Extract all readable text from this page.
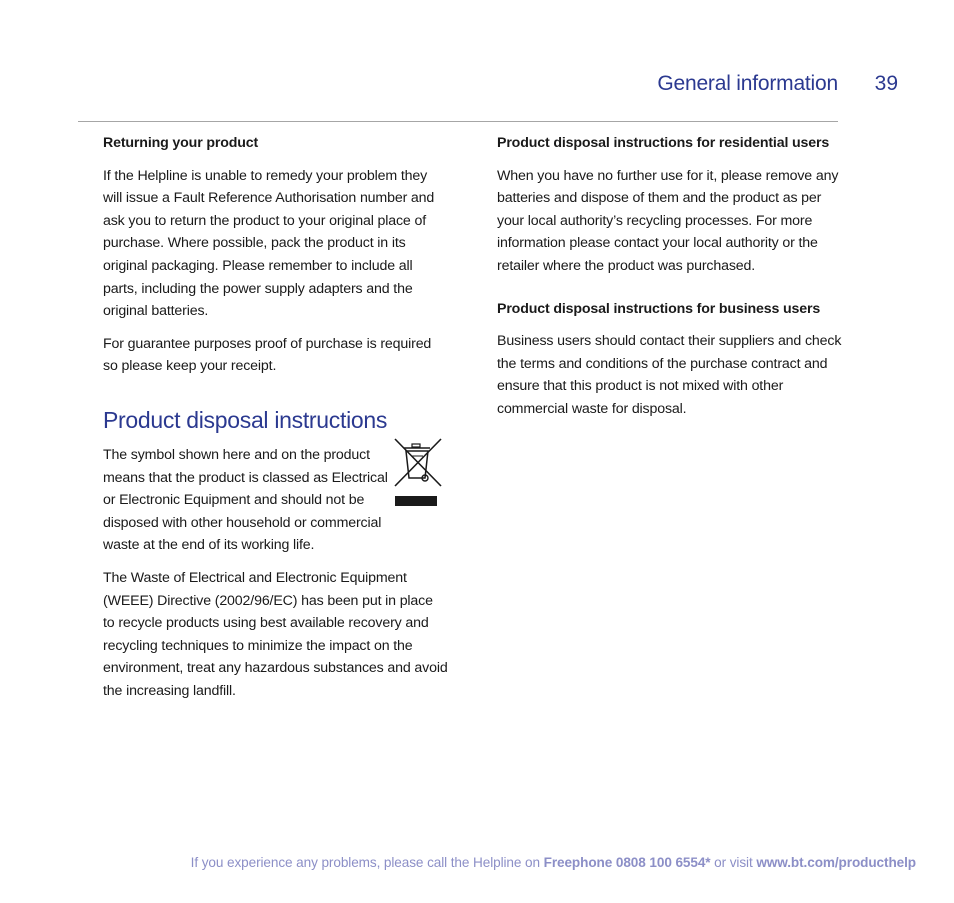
General information	39
Returning your product

If the Helpline is unable to remedy your problem they will issue a Fault Reference Authorisation number and ask you to return the product to your original place of purchase. Where possible, pack the product in its original packaging. Please remember to include all parts, including the power supply adapters and the original batteries.

For guarantee purposes proof of purchase is required so please keep your receipt.

Product disposal instructions

The symbol shown here and on the product means that the product is classed as Electrical or Electronic Equipment and should not be disposed with other household or commercial waste at the end of its working life.

The Waste of Electrical and Electronic Equipment (WEEE) Directive (2002/96/EC) has been put in place to recycle products using best available recovery and recycling techniques to minimize the impact on the environment, treat any hazardous substances and avoid the increasing landfill.

Product disposal instructions for residential users

When you have no further use for it, please remove any batteries and dispose of them and the product as per your local authority’s recycling processes. For more information please contact your local authority or the retailer where the product was purchased.

Product disposal instructions for business users

Business users should contact their suppliers and check the terms and conditions of the purchase contract and ensure that this product is not mixed with other commercial waste for disposal.

If you experience any problems, please call the Helpline on Freephone 0808 100 6554* or visit www.bt.com/producthelp
